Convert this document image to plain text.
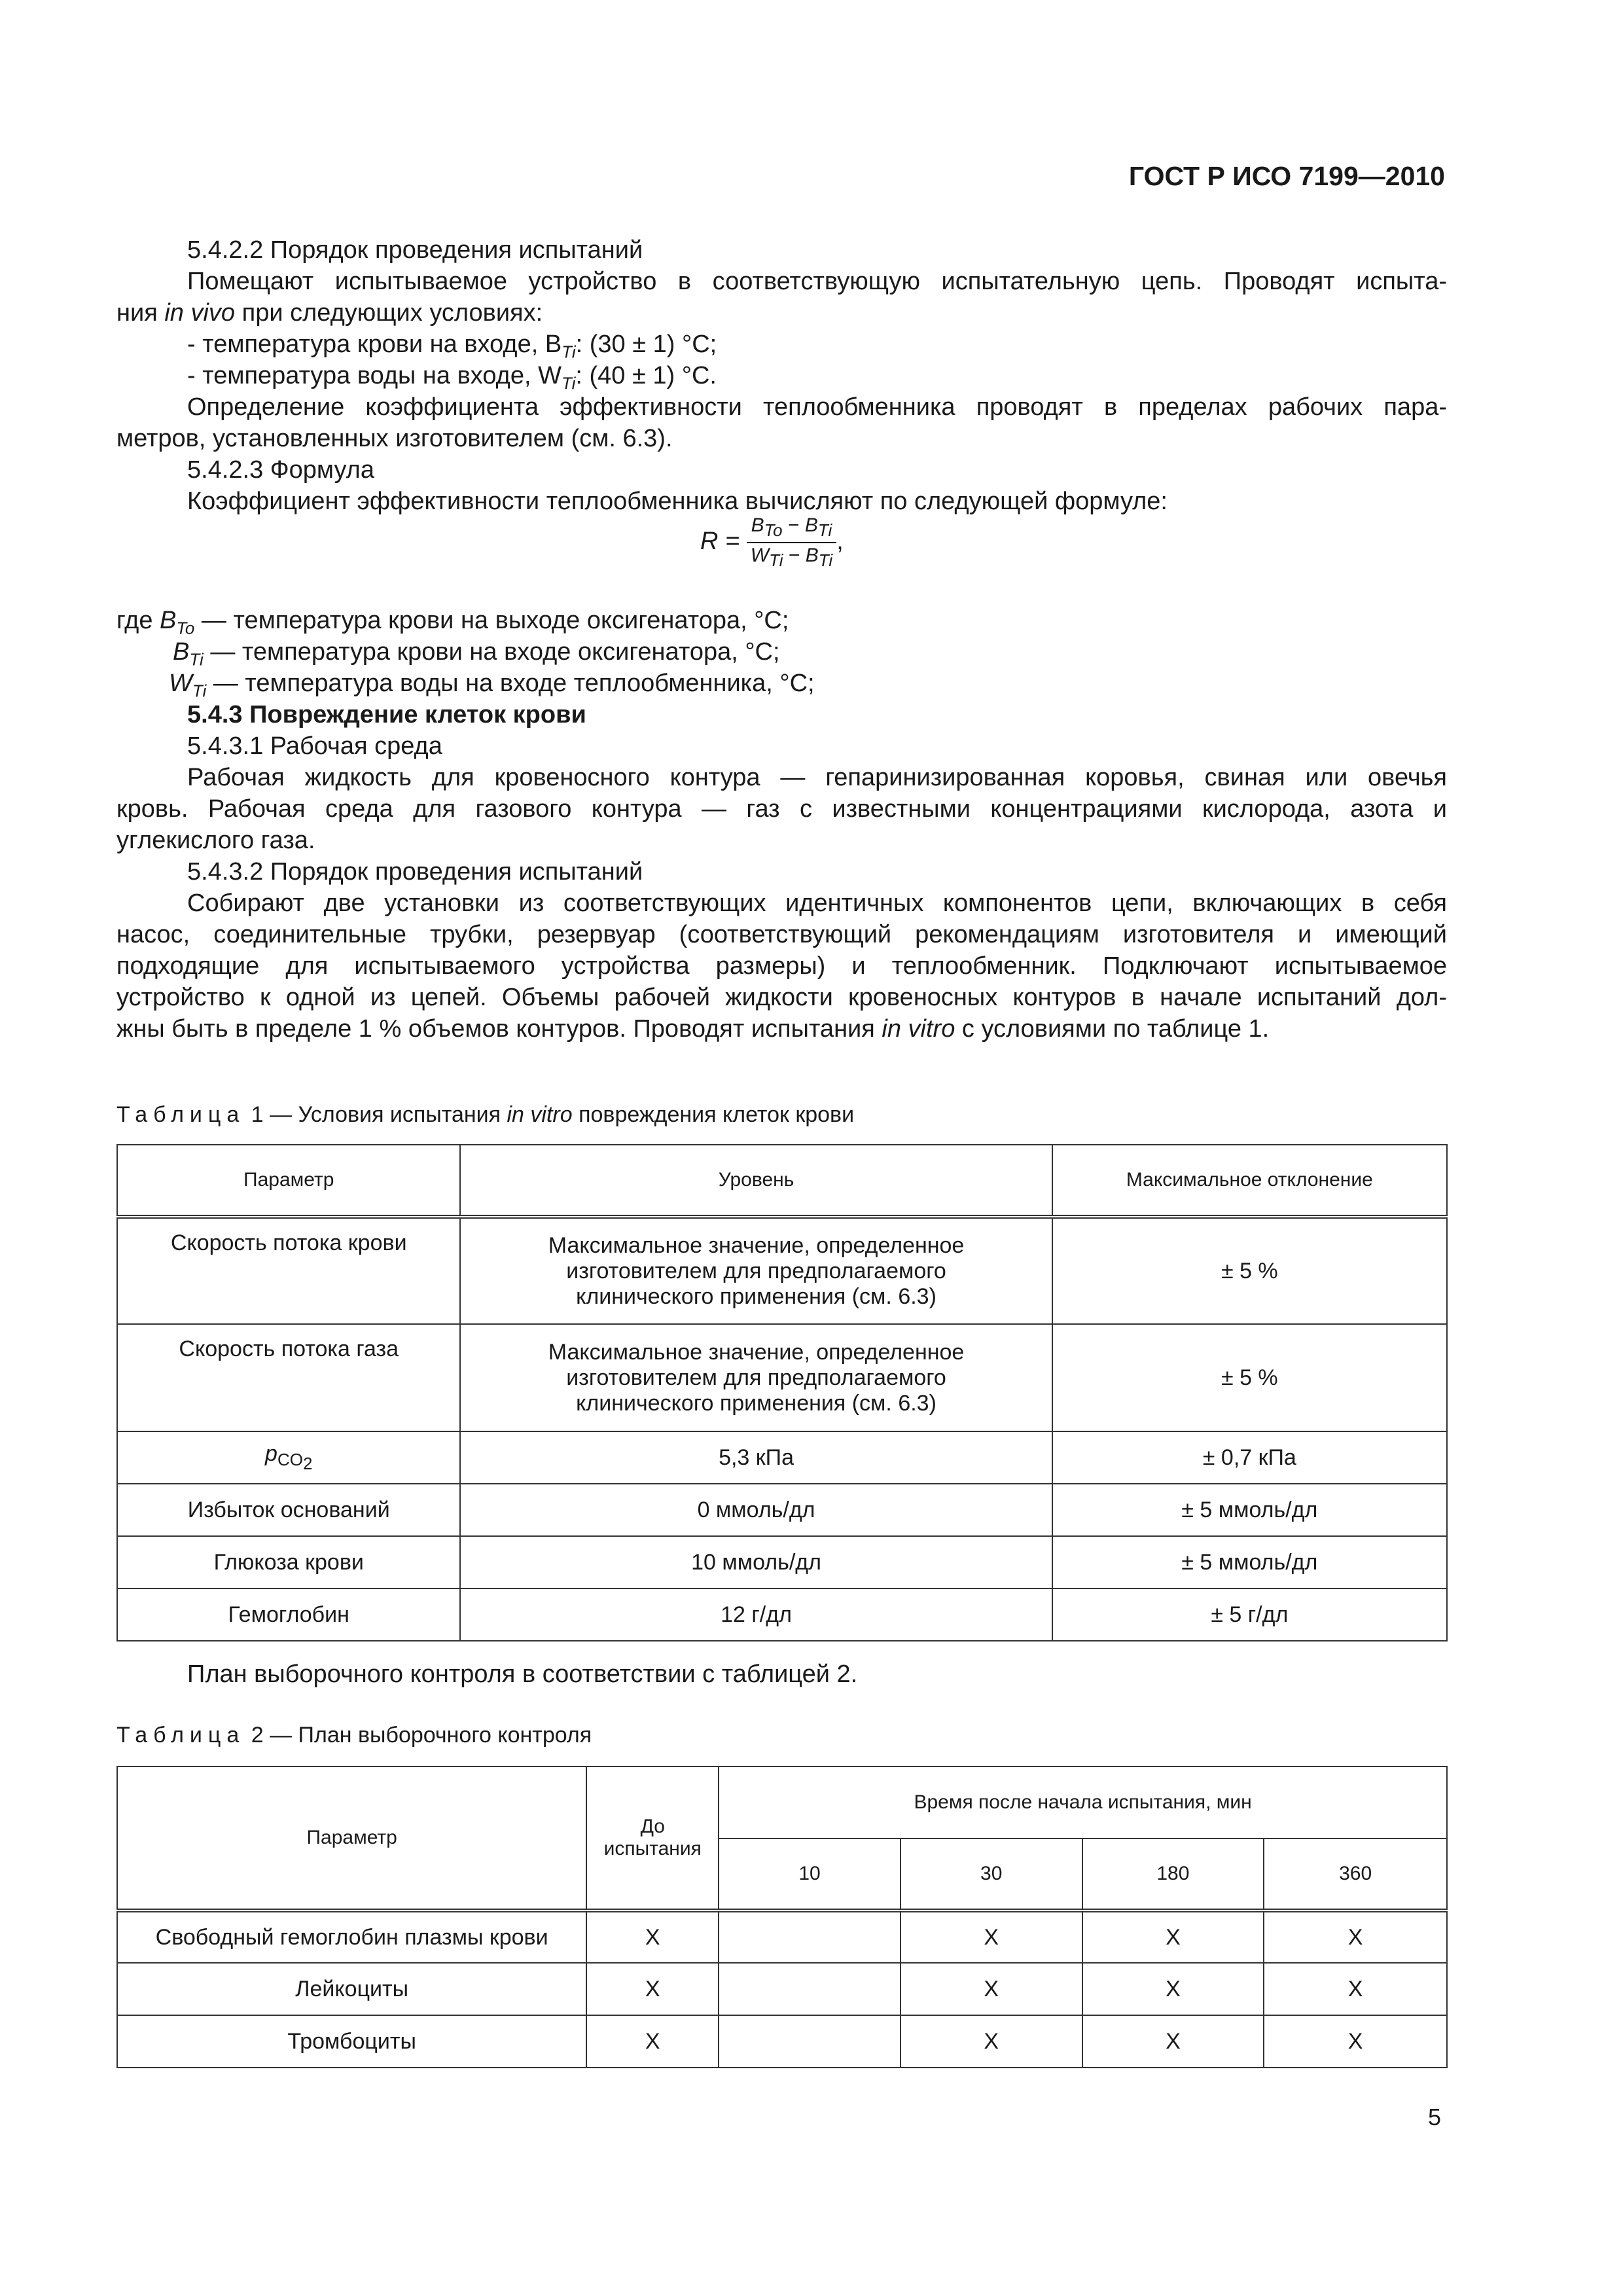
ГОСТ Р ИСО 7199—2010
5.4.2.2 Порядок проведения испытаний
Помещают испытываемое устройство в соответствующую испытательную цепь. Проводят испыта-
ния in vivo при следующих условиях:
- температура крови на входе, $B_{Ti}$: (30 ± 1) °C;
- температура воды на входе, $W_{Ti}$: (40 ± 1) °C.
Определение коэффициента эффективности теплообменника проводят в пределах рабочих пара-
метров, установленных изготовителем (см. 6.3).
5.4.2.3 Формула
Коэффициент эффективности теплообменника вычисляют по следующей формуле:
$R = \frac{B_{To} - B_{Ti}}{W_{Ti} - B_{Ti}}$ ,
где $B_{To}$ — температура крови на выходе оксигенатора, °C;
$B_{Ti}$ — температура крови на входе оксигенатора, °C;
$W_{Ti}$ — температура воды на входе теплообменника, °C;
5.4.3 Повреждение клеток крови
5.4.3.1 Рабочая среда
Рабочая жидкость для кровеносного контура — гепаринизированная коровья, свиная или овечья
кровь. Рабочая среда для газового контура — газ с известными концентрациями кислорода, азота и
углекислого газа.
5.4.3.2 Порядок проведения испытаний
Собирают две установки из соответствующих идентичных компонентов цепи, включающих в себя
насос, соединительные трубки, резервуар (соответствующий рекомендациям изготовителя и имеющий
подходящие для испытываемого устройства размеры) и теплообменник. Подключают испытываемое
устройство к одной из цепей. Объемы рабочей жидкости кровеносных контуров в начале испытаний дол-
жны быть в пределе 1 % объемов контуров. Проводят испытания in vitro с условиями по таблице 1.
Таблица 1 — Условия испытания in vitro повреждения клеток крови
Параметр	Уровень	Максимальное отклонение
Скорость потока крови	Максимальное значение, определенное изготовителем для предполагаемого клинического применения (см. 6.3)	± 5 %
Скорость потока газа	Максимальное значение, определенное изготовителем для предполагаемого клинического применения (см. 6.3)	± 5 %
$p_{CO_2}$	5,3 кПа	± 0,7 кПа
Избыток оснований	0 ммоль/дл	± 5 ммоль/дл
Глюкоза крови	10 ммоль/дл	± 5 ммоль/дл
Гемоглобин	12 г/дл	± 5 г/дл
План выборочного контроля в соответствии с таблицей 2.
Таблица 2 — План выборочного контроля
Параметр	До испытания	Время после начала испытания, мин			
		10	30	180	360
Свободный гемоглобин плазмы крови	X		X	X	X
Лейкоциты	X		X	X	X
Тромбоциты	X		X	X	X
5
